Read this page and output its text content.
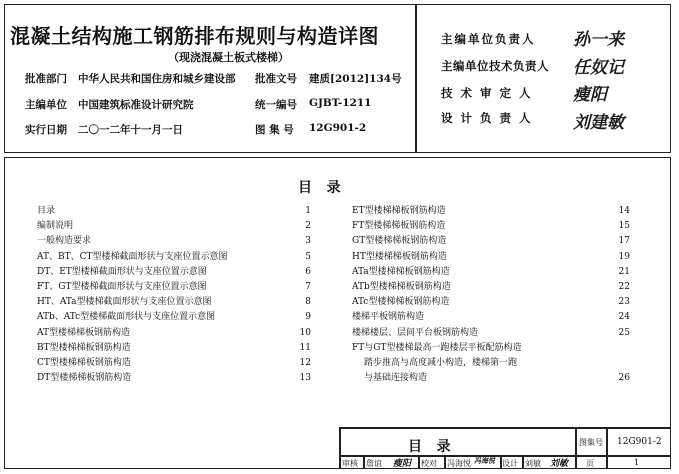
混凝土结构施工钢筋排布规则与构造详图
（现浇混凝土板式楼梯）
批准部门 中华人民共和国住房和城乡建设部 批准文号 建质[2012]134号
主编单位 中国建筑标准设计研究院	统一编号 GJBT-1211
实行日期 二〇一二年十一月一日	图 集 号 12G901-2
主编单位负责人 孙一来
主编单位技术负责人 任奴记
技 术 审 定 人 瘦阳
设 计 负 责 人 刘建敏
目   录
目录	1
编制说明	2
一般构造要求	3
AT、BT、CT型楼梯截面形状与支座位置示意图	5
DT、ET型楼梯截面形状与支座位置示意图	6
FT、GT型楼梯截面形状与支座位置示意图	7
HT、ATa型楼梯截面形状与支座位置示意图	8
ATb、ATc型楼梯截面形状与支座位置示意图	9
AT型楼梯梯板钢筋构造	10
BT型楼梯梯板钢筋构造	11
CT型楼梯梯板钢筋构造	12
DT型楼梯梯板钢筋构造	13
ET型楼梯梯板钢筋构造	14
FT型楼梯梯板钢筋构造	15
GT型楼梯梯板钢筋构造	17
HT型楼梯梯板钢筋构造	19
ATa型楼梯梯板钢筋构造	21
ATb型楼梯梯板钢筋构造	22
ATc型楼梯梯板钢筋构造	23
楼梯平板钢筋构造	24
楼梯楼层、层间平台板钢筋构造	25
FT与GT型楼梯最高一跑楼层平板配筋构造
踏步推高与高度减小构造，楼梯第一跑
与基础连接构造	26
目   录	图集号 12G901-2
审核 詹谊 瘦阳 校对 冯海悦 冯海悦 设计 刘敏 刘敏 页	1
